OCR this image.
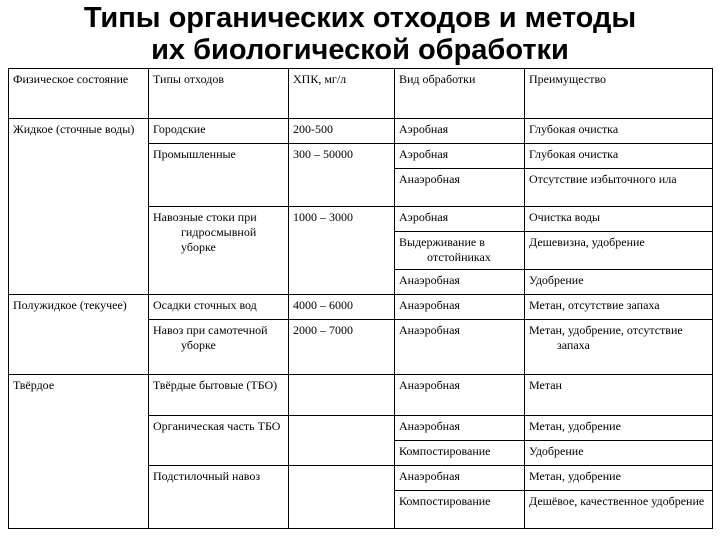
Типы органических отходов и методы
их биологической обработки
Физическое состояние	Типы отходов	ХПК, мг/л	Вид обработки	Преимущество

Жидкое (сточные воды)	Городские	200-500	Аэробная	Глубокая очистка

	Промышленные	300 – 50000	Аэробная	Глубокая очистка

			Анаэробная	Отсутствие избыточного ила

	Навозные стоки при гидросмывной уборке	1000 – 3000	Аэробная	Очистка воды

			Выдерживание в отстойниках	Дешевизна, удобрение

			Анаэробная	Удобрение

Полужидкое (текучее)	Осадки сточных вод	4000 – 6000	Анаэробная	Метан, отсутствие запаха

	Навоз при самотечной уборке	2000 – 7000	Анаэробная	Метан, удобрение, отсутствие запаха

Твёрдое	Твёрдые бытовые (ТБО)		Анаэробная	Метан

	Органическая часть ТБО		Анаэробная	Метан, удобрение

			Компостирование	Удобрение

	Подстилочный навоз		Анаэробная	Метан, удобрение

			Компостирование	Дешёвое, качественное удобрение
